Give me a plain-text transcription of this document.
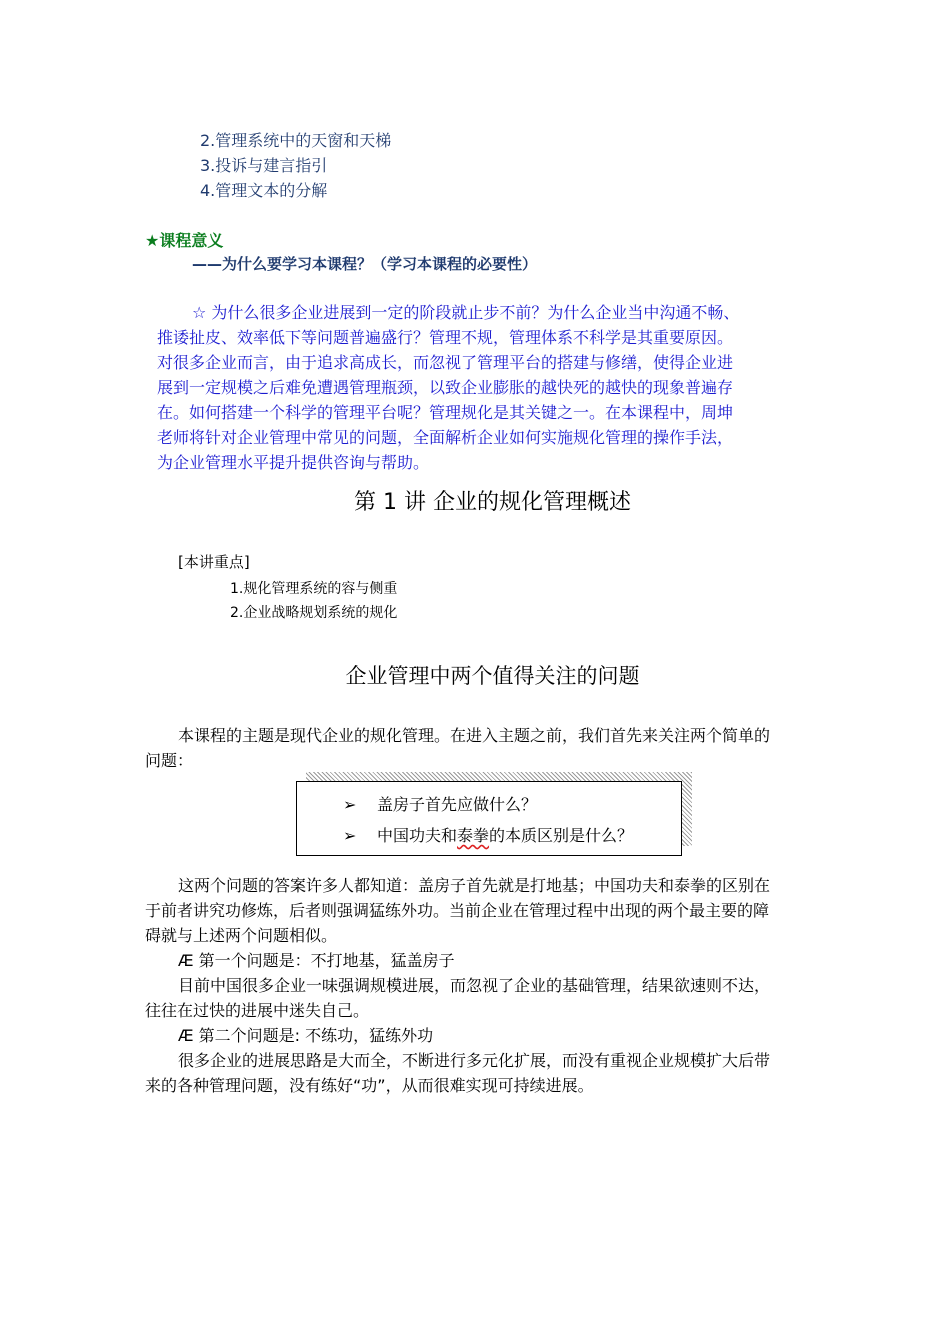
2.管理系统中的天窗和天梯
3.投诉与建言指引
4.管理文本的分解
★课程意义
——为什么要学习本课程？（学习本课程的必要性）
☆ 为什么很多企业进展到一定的阶段就止步不前？为什么企业当中沟通不畅、
推诿扯皮、效率低下等问题普遍盛行？管理不规，管理体系不科学是其重要原因。
对很多企业而言，由于追求高成长，而忽视了管理平台的搭建与修缮，使得企业进
展到一定规模之后难免遭遇管理瓶颈，以致企业膨胀的越快死的越快的现象普遍存
在。如何搭建一个科学的管理平台呢？管理规化是其关键之一。在本课程中，周坤
老师将针对企业管理中常见的问题，全面解析企业如何实施规化管理的操作手法，
为企业管理水平提升提供咨询与帮助。
第 1 讲 企业的规化管理概述
[本讲重点]
1.规化管理系统的容与侧重
2.企业战略规划系统的规化
企业管理中两个值得关注的问题
本课程的主题是现代企业的规化管理。在进入主题之前，我们首先来关注两个简单的
问题：
➢ 盖房子首先应做什么？
➢ 中国功夫和泰拳的本质区别是什么？
这两个问题的答案许多人都知道：盖房子首先就是打地基；中国功夫和泰拳的区别在
于前者讲究功修炼，后者则强调猛练外功。当前企业在管理过程中出现的两个最主要的障
碍就与上述两个问题相似。
Æ 第一个问题是：不打地基，猛盖房子
目前中国很多企业一味强调规模进展，而忽视了企业的基础管理，结果欲速则不达，
往往在过快的进展中迷失自己。
Æ 第二个问题是: 不练功，猛练外功
很多企业的进展思路是大而全，不断进行多元化扩展，而没有重视企业规模扩大后带
来的各种管理问题，没有练好“功”，从而很难实现可持续进展。
